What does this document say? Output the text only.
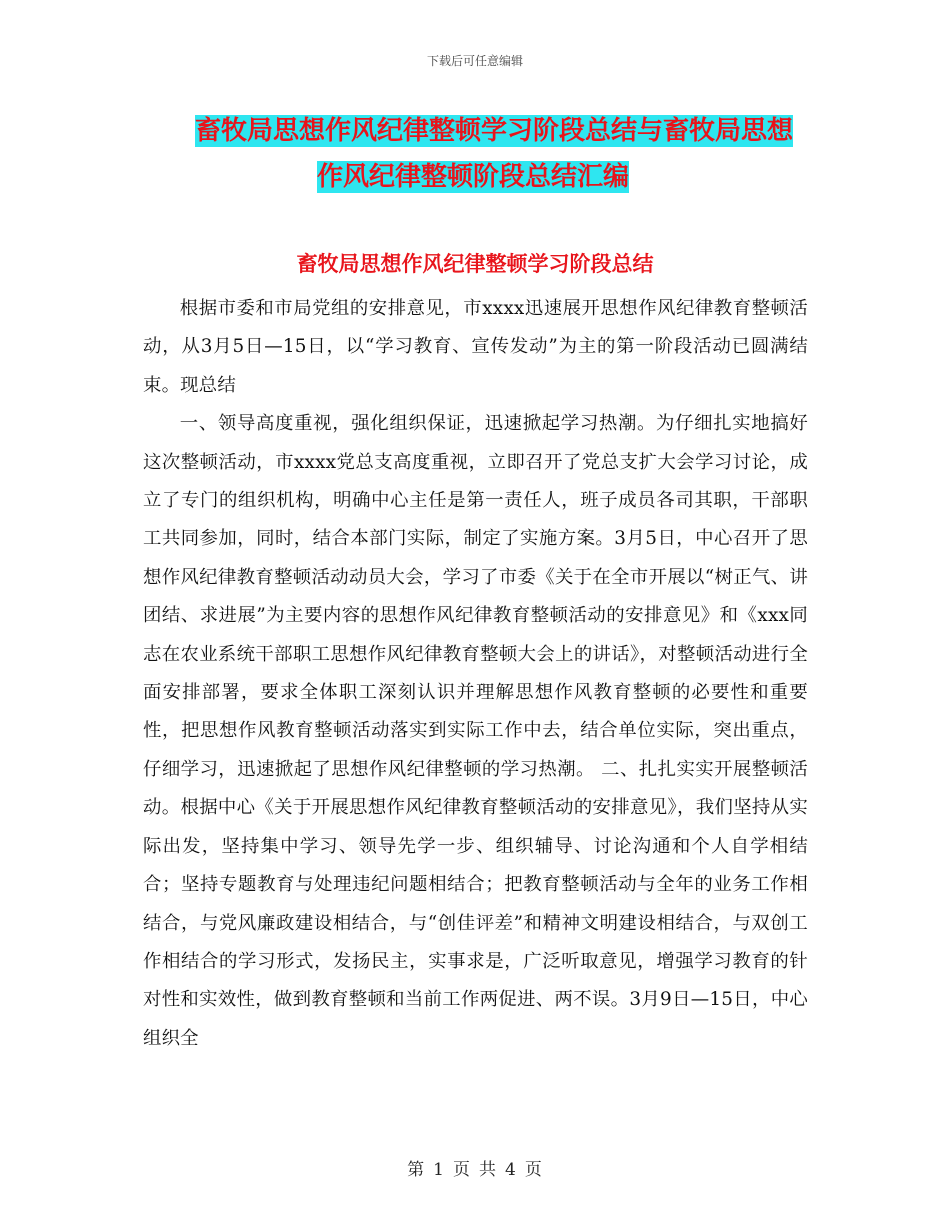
下载后可任意编辑
畜牧局思想作风纪律整顿学习阶段总结与畜牧局思想
作风纪律整顿阶段总结汇编
畜牧局思想作风纪律整顿学习阶段总结

根据市委和市局党组的安排意见，市xxxx迅速展开思想作风纪律教育整顿活动，从3月5日—15日，以“学习教育、宣传发动”为主的第一阶段活动已圆满结束。现总结

一、领导高度重视，强化组织保证，迅速掀起学习热潮。为仔细扎实地搞好这次整顿活动，市xxxx党总支高度重视，立即召开了党总支扩大会学习讨论，成立了专门的组织机构，明确中心主任是第一责任人，班子成员各司其职，干部职工共同参加，同时，结合本部门实际，制定了实施方案。3月5日，中心召开了思想作风纪律教育整顿活动动员大会，学习了市委《关于在全市开展以“树正气、讲团结、求进展”为主要内容的思想作风纪律教育整顿活动的安排意见》和《xxx同志在农业系统干部职工思想作风纪律教育整顿大会上的讲话》，对整顿活动进行全面安排部署，要求全体职工深刻认识并理解思想作风教育整顿的必要性和重要性，把思想作风教育整顿活动落实到实际工作中去，结合单位实际，突出重点，仔细学习，迅速掀起了思想作风纪律整顿的学习热潮。 二、扎扎实实开展整顿活动。根据中心《关于开展思想作风纪律教育整顿活动的安排意见》，我们坚持从实际出发，坚持集中学习、领导先学一步、组织辅导、讨论沟通和个人自学相结合；坚持专题教育与处理违纪问题相结合；把教育整顿活动与全年的业务工作相结合，与党风廉政建设相结合，与“创佳评差”和精神文明建设相结合，与双创工作相结合的学习形式，发扬民主，实事求是，广泛听取意见，增强学习教育的针对性和实效性，做到教育整顿和当前工作两促进、两不误。3月9日—15日，中心组织全

第 1 页 共 4 页
